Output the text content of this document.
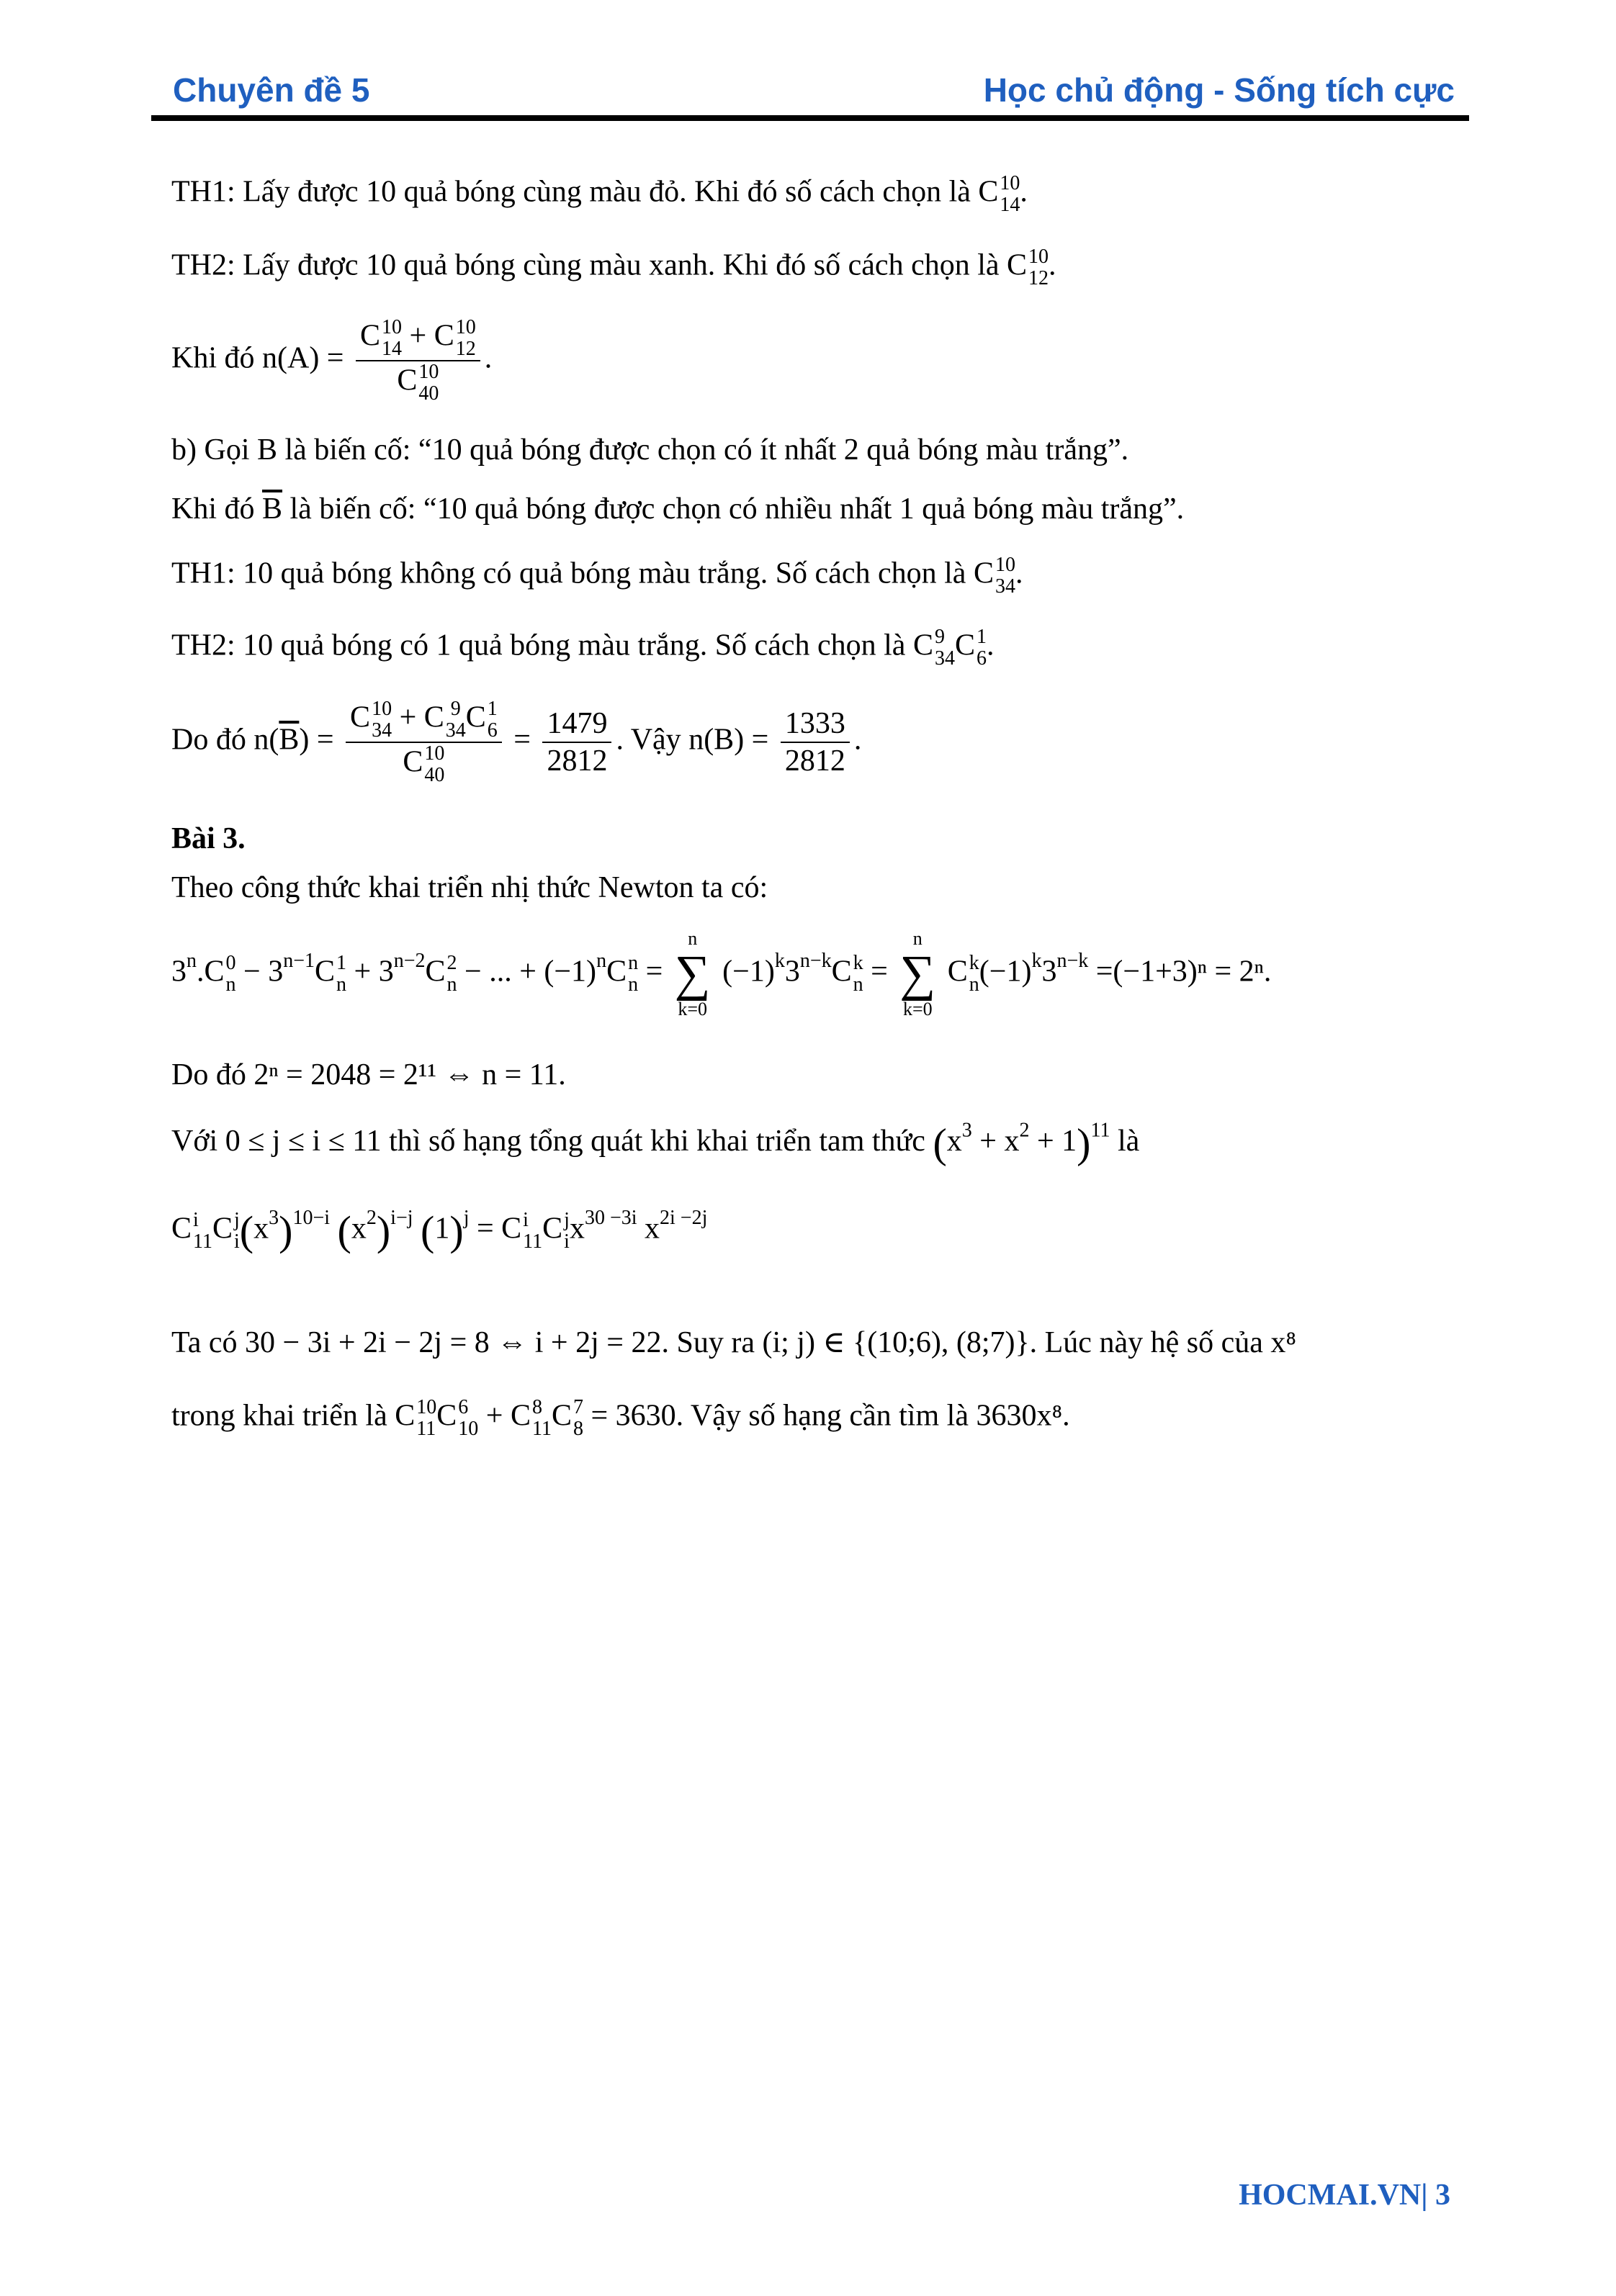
Chuyên đề 5	Học chủ động - Sống tích cực
TH1: Lấy được 10 quả bóng cùng màu đỏ. Khi đó số cách chọn là C 10
14 .
TH2: Lấy được 10 quả bóng cùng màu xanh. Khi đó số cách chọn là C 10
12 .
Khi đó n(A) = C 10
14 + C 10
12
C 10
40 .
b) Gọi B là biến cố: “10 quả bóng được chọn có ít nhất 2 quả bóng màu trắng”.
Khi đó $\overline{B}$ là biến cố: “10 quả bóng được chọn có nhiều nhất 1 quả bóng màu trắng”.
TH1: 10 quả bóng không có quả bóng màu trắng. Số cách chọn là C 10
34 .
TH2: 10 quả bóng có 1 quả bóng màu trắng. Số cách chọn là C 9
34 C 1
6 .
Do đó $n(\overline{B}) = C$ 10
34 + C 9
34 C 1
6
C 10
$40 = \frac{1479}{2812}$ . Vậy $n(B) = \frac{1333}{2812}$ .
Bài 3.
Theo công thức khai triển nhị thức Newton ta có:
3$^n$.C 0
$n - 3^{n-1}C$ 1
$n + 3^{n-2}C$ 2
n − ... + $(-1)^nC$ n
n =
n
∑
k=0
$(-1)^k3^{n-k}C$ k
n =
n
∑
k=0
C k
n $(-1)^k3^{n-k} =(-1+3)^n = 2^n$.
Do đó 2ⁿ = 2048 = 2¹¹ ⇔ n = 11.
Với 0 ≤ j ≤ i ≤ 11 thì số hạng tổng quát khi khai triển tam thức $(x^3 + x^2 + 1)^{11}$ là
C i
11 C j
i $(x^3)^{10-i}$ $(x^2)^{i-j}$ $(1)^j = C$ i
11 C j
i $x^{30 -3i}$ $x^{2i -2j}$
Ta có 30 − 3i + 2i − 2j = 8 ⇔ i + 2j = 22. Suy ra (i; j) ∈ {(10;6), (8;7)}. Lúc này hệ số của x⁸
trong khai triển là C 10
11 C 6
10 + C 8
11 C 7
8 = 3630. Vậy số hạng cần tìm là 3630x⁸.
HOCMAI.VN| 3
